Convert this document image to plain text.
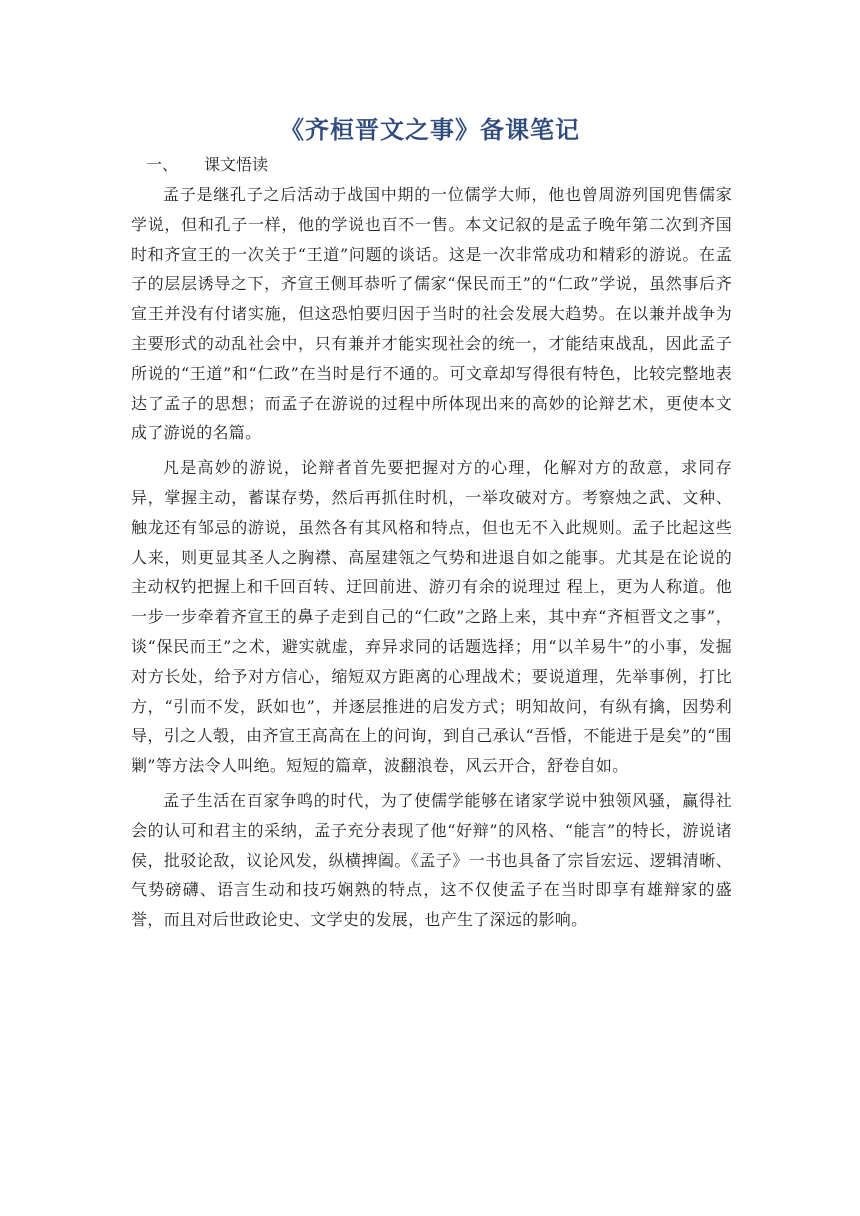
《齐桓晋文之事》备课笔记
一、 课文悟读

孟子是继孔子之后活动于战国中期的一位儒学大师，他也曾周游列国兜售儒家学说，但和孔子一样，他的学说也百不一售。本文记叙的是孟子晚年第二次到齐国时和齐宣王的一次关于“王道”问题的谈话。这是一次非常成功和精彩的游说。在孟子的层层诱导之下，齐宣王侧耳恭听了儒家“保民而王”的“仁政”学说，虽然事后齐宣王并没有付诸实施，但这恐怕要归因于当时的社会发展大趋势。在以兼并战争为主要形式的动乱社会中，只有兼并才能实现社会的统一，才能结束战乱，因此孟子所说的“王道”和“仁政”在当时是行不通的。可文章却写得很有特色，比较完整地表达了孟子的思想；而孟子在游说的过程中所体现出来的高妙的论辩艺术，更使本文成了游说的名篇。

凡是高妙的游说，论辩者首先要把握对方的心理，化解对方的敌意，求同存异，掌握主动，蓄谋存势，然后再抓住时机，一举攻破对方。考察烛之武、文种、触龙还有邹忌的游说，虽然各有其风格和特点，但也无不入此规则。孟子比起这些人来，则更显其圣人之胸襟、高屋建瓴之气势和进退自如之能事。尤其是在论说的主动权钓把握上和千回百转、迂回前进、游刃有余的说理过 程上，更为人称道。他一步一步牵着齐宣王的鼻子走到自己的“仁政”之路上来，其中弃“齐桓晋文之事”，谈“保民而王”之术，避实就虚，弃异求同的话题选择；用“以羊易牛”的小事，发掘对方长处，给予对方信心，缩短双方距离的心理战术；要说道理，先举事例，打比方，“引而不发，跃如也”，并逐层推进的启发方式；明知故问，有纵有擒，因势利导，引之人彀，由齐宣王高高在上的问询，到自己承认“吾惛，不能进于是矣”的“围剿”等方法令人叫绝。短短的篇章，波翻浪卷，风云开合，舒卷自如。

孟子生活在百家争鸣的时代，为了使儒学能够在诸家学说中独领风骚，赢得社会的认可和君主的采纳，孟子充分表现了他“好辩”的风格、“能言”的特长，游说诸侯，批驳论敌，议论风发，纵横捭阖。《孟子》一书也具备了宗旨宏远、逻辑清晰、气势磅礴、语言生动和技巧娴熟的特点，这不仅使孟子在当时即享有雄辩家的盛誉，而且对后世政论史、文学史的发展，也产生了深远的影响。
